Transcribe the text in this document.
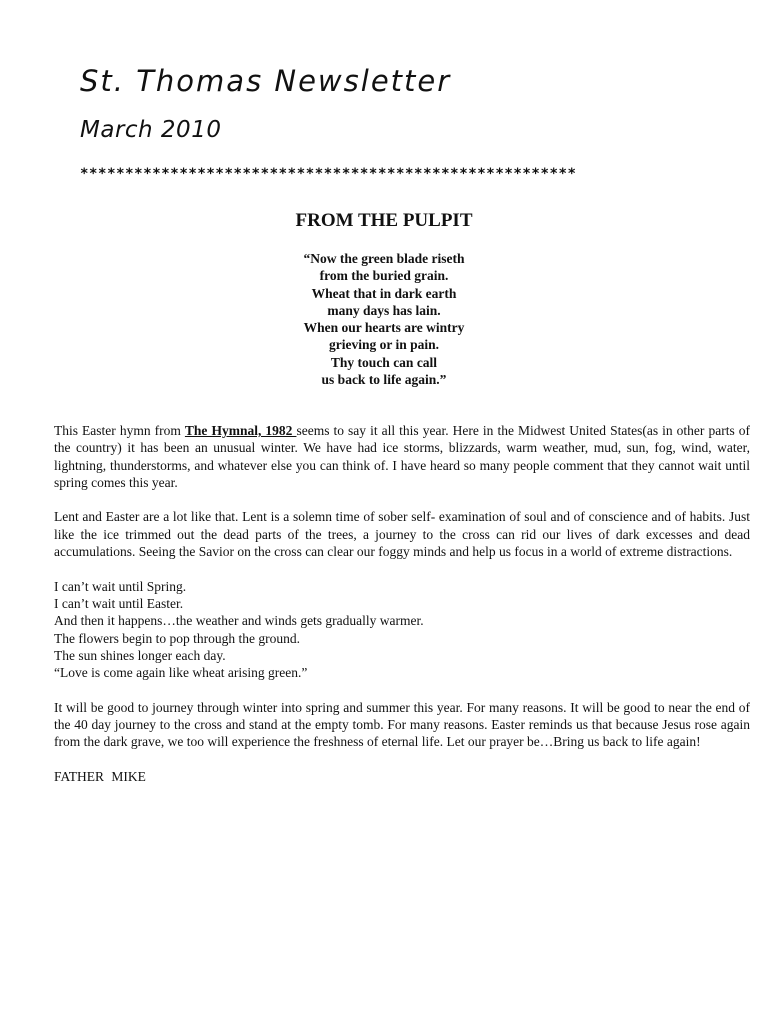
St. Thomas Newsletter
March 2010
*******************************************************
FROM THE PULPIT
“Now the green blade riseth
from the buried grain.
Wheat that in dark earth
many days has lain.
When our hearts are wintry
grieving or in pain.
Thy touch can call
us back to life again.”

This Easter hymn from The Hymnal, 1982 seems to say it all this year. Here in the Midwest United States(as in other parts of the country) it has been an unusual winter. We have had ice storms, blizzards, warm weather, mud, sun, fog, wind, water, lightning, thunderstorms, and whatever else you can think of. I have heard so many people comment that they cannot wait until spring comes this year.

Lent and Easter are a lot like that. Lent is a solemn time of sober self- examination of soul and of conscience and of habits. Just like the ice trimmed out the dead parts of the trees, a journey to the cross can rid our lives of dark excesses and dead accumulations. Seeing the Savior on the cross can clear our foggy minds and help us focus in a world of extreme distractions.

I can’t wait until Spring.
I can’t wait until Easter.
And then it happens…the weather and winds gets gradually warmer.
The flowers begin to pop through the ground.
The sun shines longer each day.
“Love is come again like wheat arising green.”

It will be good to journey through winter into spring and summer this year. For many reasons. It will be good to near the end of the 40 day journey to the cross and stand at the empty tomb. For many reasons. Easter reminds us that because Jesus rose again from the dark grave, we too will experience the freshness of eternal life. Let our prayer be…Bring us back to life again!

FATHER MIKE
